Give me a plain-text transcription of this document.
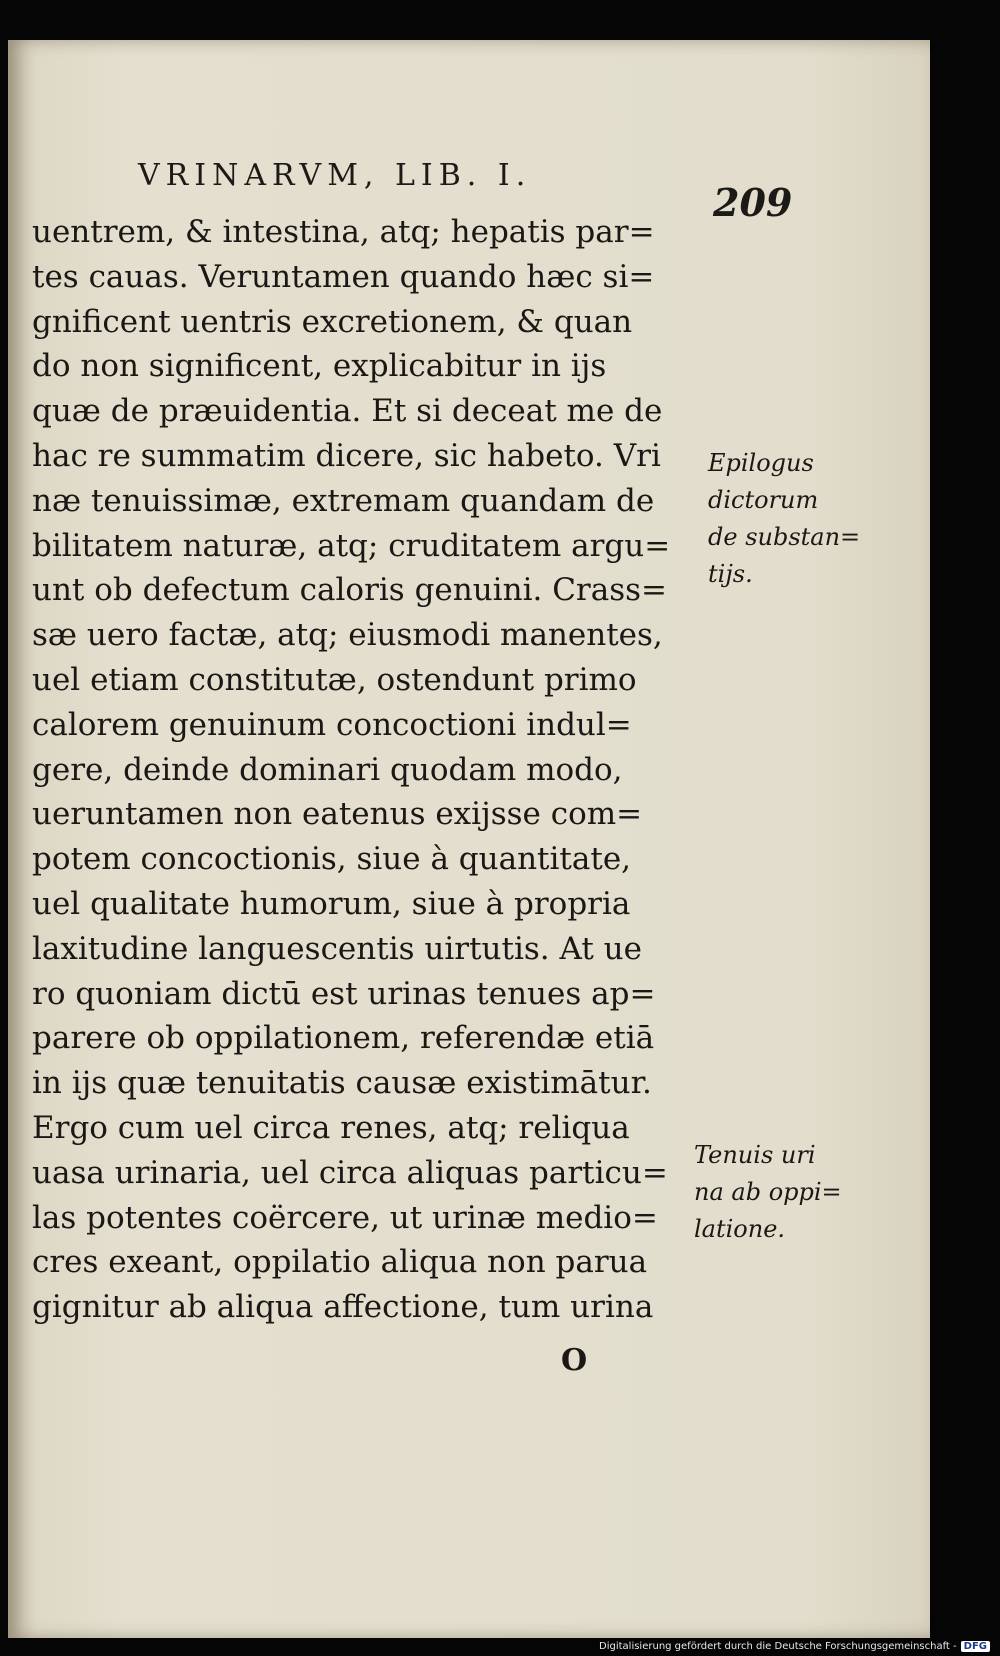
VRINARVM, LIB. I.
209
uentrem, & intestina, atq; hepatis par=
tes cauas. Veruntamen quando hæc si=
gnificent uentris excretionem, & quan
do non significent, explicabitur in ijs
quæ de præuidentia. Et si deceat me de
hac re summatim dicere, sic habeto. Vri
næ tenuissimæ, extremam quandam de
bilitatem naturæ, atq; cruditatem argu=
unt ob defectum caloris genuini. Crass=
sæ uero factæ, atq; eiusmodi manentes,
uel etiam constitutæ, ostendunt primo
calorem genuinum concoctioni indul=
gere, deinde dominari quodam modo,
ueruntamen non eatenus exijsse com=
potem concoctionis, siue à quantitate,
uel qualitate humorum, siue à propria
laxitudine languescentis uirtutis. At ue
ro quoniam dictū est urinas tenues ap=
parere ob oppilationem, referendæ etiā
in ijs quæ tenuitatis causæ existimātur.
Ergo cum uel circa renes, atq; reliqua
uasa urinaria, uel circa aliquas particu=
las potentes coërcere, ut urinæ medio=
cres exeant, oppilatio aliqua non parua
gignitur ab aliqua affectione, tum urina
Epilogus
dictorum
de substan=
tijs.
Tenuis uri
na ab oppi=
latione.
O
Digitalisierung gefördert durch die Deutsche Forschungsgemeinschaft - DFG
